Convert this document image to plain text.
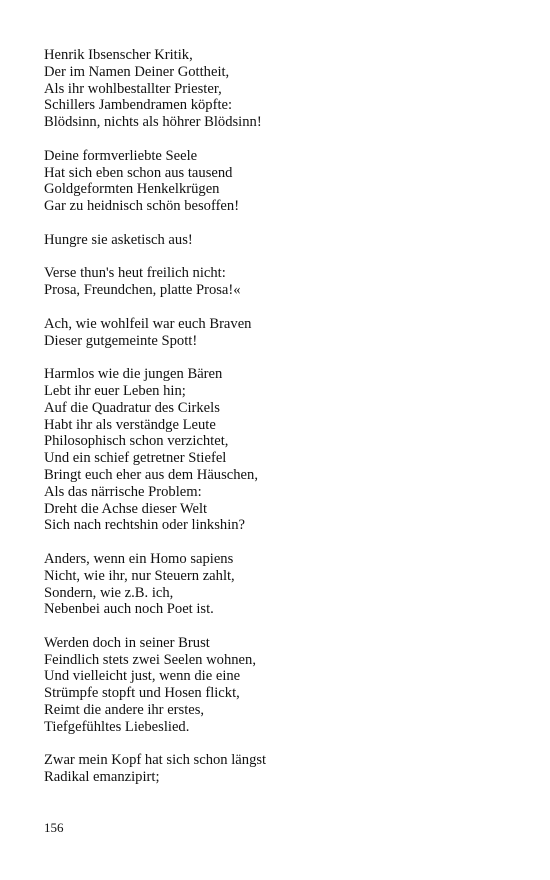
Henrik Ibsenscher Kritik,
Der im Namen Deiner Gottheit,
Als ihr wohlbestallter Priester,
Schillers Jambendramen köpfte:
Blödsinn, nichts als höhrer Blödsinn!
Deine formverliebte Seele
Hat sich eben schon aus tausend
Goldgeformten Henkelkrügen
Gar zu heidnisch schön besoffen!
Hungre sie asketisch aus!
Verse thun's heut freilich nicht:
Prosa, Freundchen, platte Prosa!«
Ach, wie wohlfeil war euch Braven
Dieser gutgemeinte Spott!
Harmlos wie die jungen Bären
Lebt ihr euer Leben hin;
Auf die Quadratur des Cirkels
Habt ihr als verständge Leute
Philosophisch schon verzichtet,
Und ein schief getretner Stiefel
Bringt euch eher aus dem Häuschen,
Als das närrische Problem:
Dreht die Achse dieser Welt
Sich nach rechtshin oder linkshin?
Anders, wenn ein Homo sapiens
Nicht, wie ihr, nur Steuern zahlt,
Sondern, wie z.B. ich,
Nebenbei auch noch Poet ist.
Werden doch in seiner Brust
Feindlich stets zwei Seelen wohnen,
Und vielleicht just, wenn die eine
Strümpfe stopft und Hosen flickt,
Reimt die andere ihr erstes,
Tiefgefühltes Liebeslied.
Zwar mein Kopf hat sich schon längst
Radikal emanzipirt;
156
